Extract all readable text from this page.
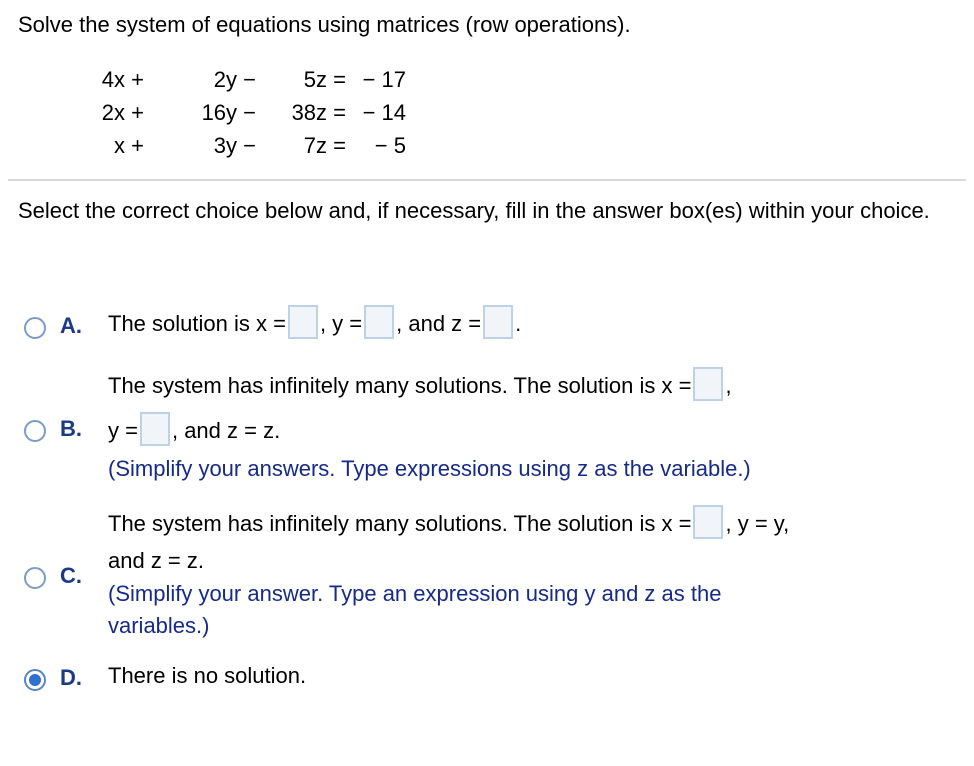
Solve the system of equations using matrices (row operations).
4x +	2y −	5z = − 17
2x +	16y −	38z = − 14
x +	3y −	7z =	− 5
Select the correct choice below and, if necessary, fill in the answer box(es) within your choice.
A. The solution is x = , y = , and z = .
The system has infinitely many solutions. The solution is x = ,
B. y = , and z = z.
(Simplify your answers. Type expressions using z as the variable.)
The system has infinitely many solutions. The solution is x = , y = y,
and z = z.
C.
(Simplify your answer. Type an expression using y and z as the
variables.)
D. There is no solution.
